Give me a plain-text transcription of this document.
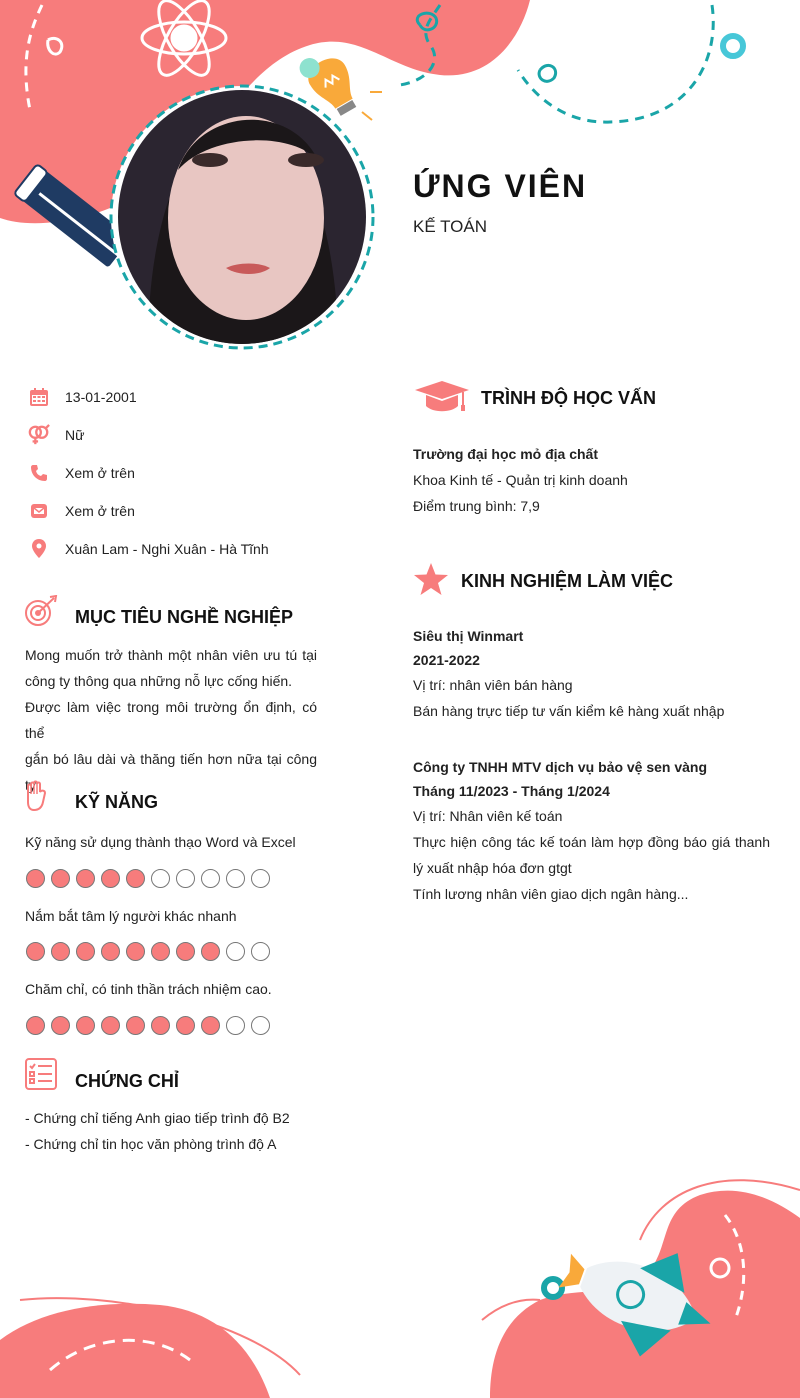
ỨNG VIÊN
KẾ TOÁN
13-01-2001
Nữ
Xem ở trên
Xem ở trên
Xuân Lam - Nghi Xuân - Hà Tĩnh
MỤC TIÊU NGHỀ NGHIỆP
Mong muốn trở thành một nhân viên ưu tú tại
công ty thông qua những nỗ lực cống hiến.
Được làm việc trong môi trường ổn định, có thể
gắn bó lâu dài và thăng tiến hơn nữa tại công
ty
KỸ NĂNG
Kỹ năng sử dụng thành thạo Word và Excel
Nắm bắt tâm lý người khác nhanh
Chăm chỉ, có tinh thần trách nhiệm cao.
CHỨNG CHỈ
- Chứng chỉ tiếng Anh giao tiếp trình độ B2
- Chứng chỉ tin học văn phòng trình độ A
TRÌNH ĐỘ HỌC VẤN
Trường đại học mỏ địa chất
Khoa Kinh tế - Quản trị kinh doanh
Điểm trung bình: 7,9
KINH NGHIỆM LÀM VIỆC
Siêu thị Winmart
2021-2022
Vị trí: nhân viên bán hàng
Bán hàng trực tiếp tư vấn kiểm kê hàng xuất nhập
Công ty TNHH MTV dịch vụ bảo vệ sen vàng
Tháng 11/2023 - Tháng 1/2024
Vị trí: Nhân viên kế toán
Thực hiện công tác kế toán làm hợp đồng báo giá thanh
lý xuất nhập hóa đơn gtgt
Tính lương nhân viên giao dịch ngân hàng...
